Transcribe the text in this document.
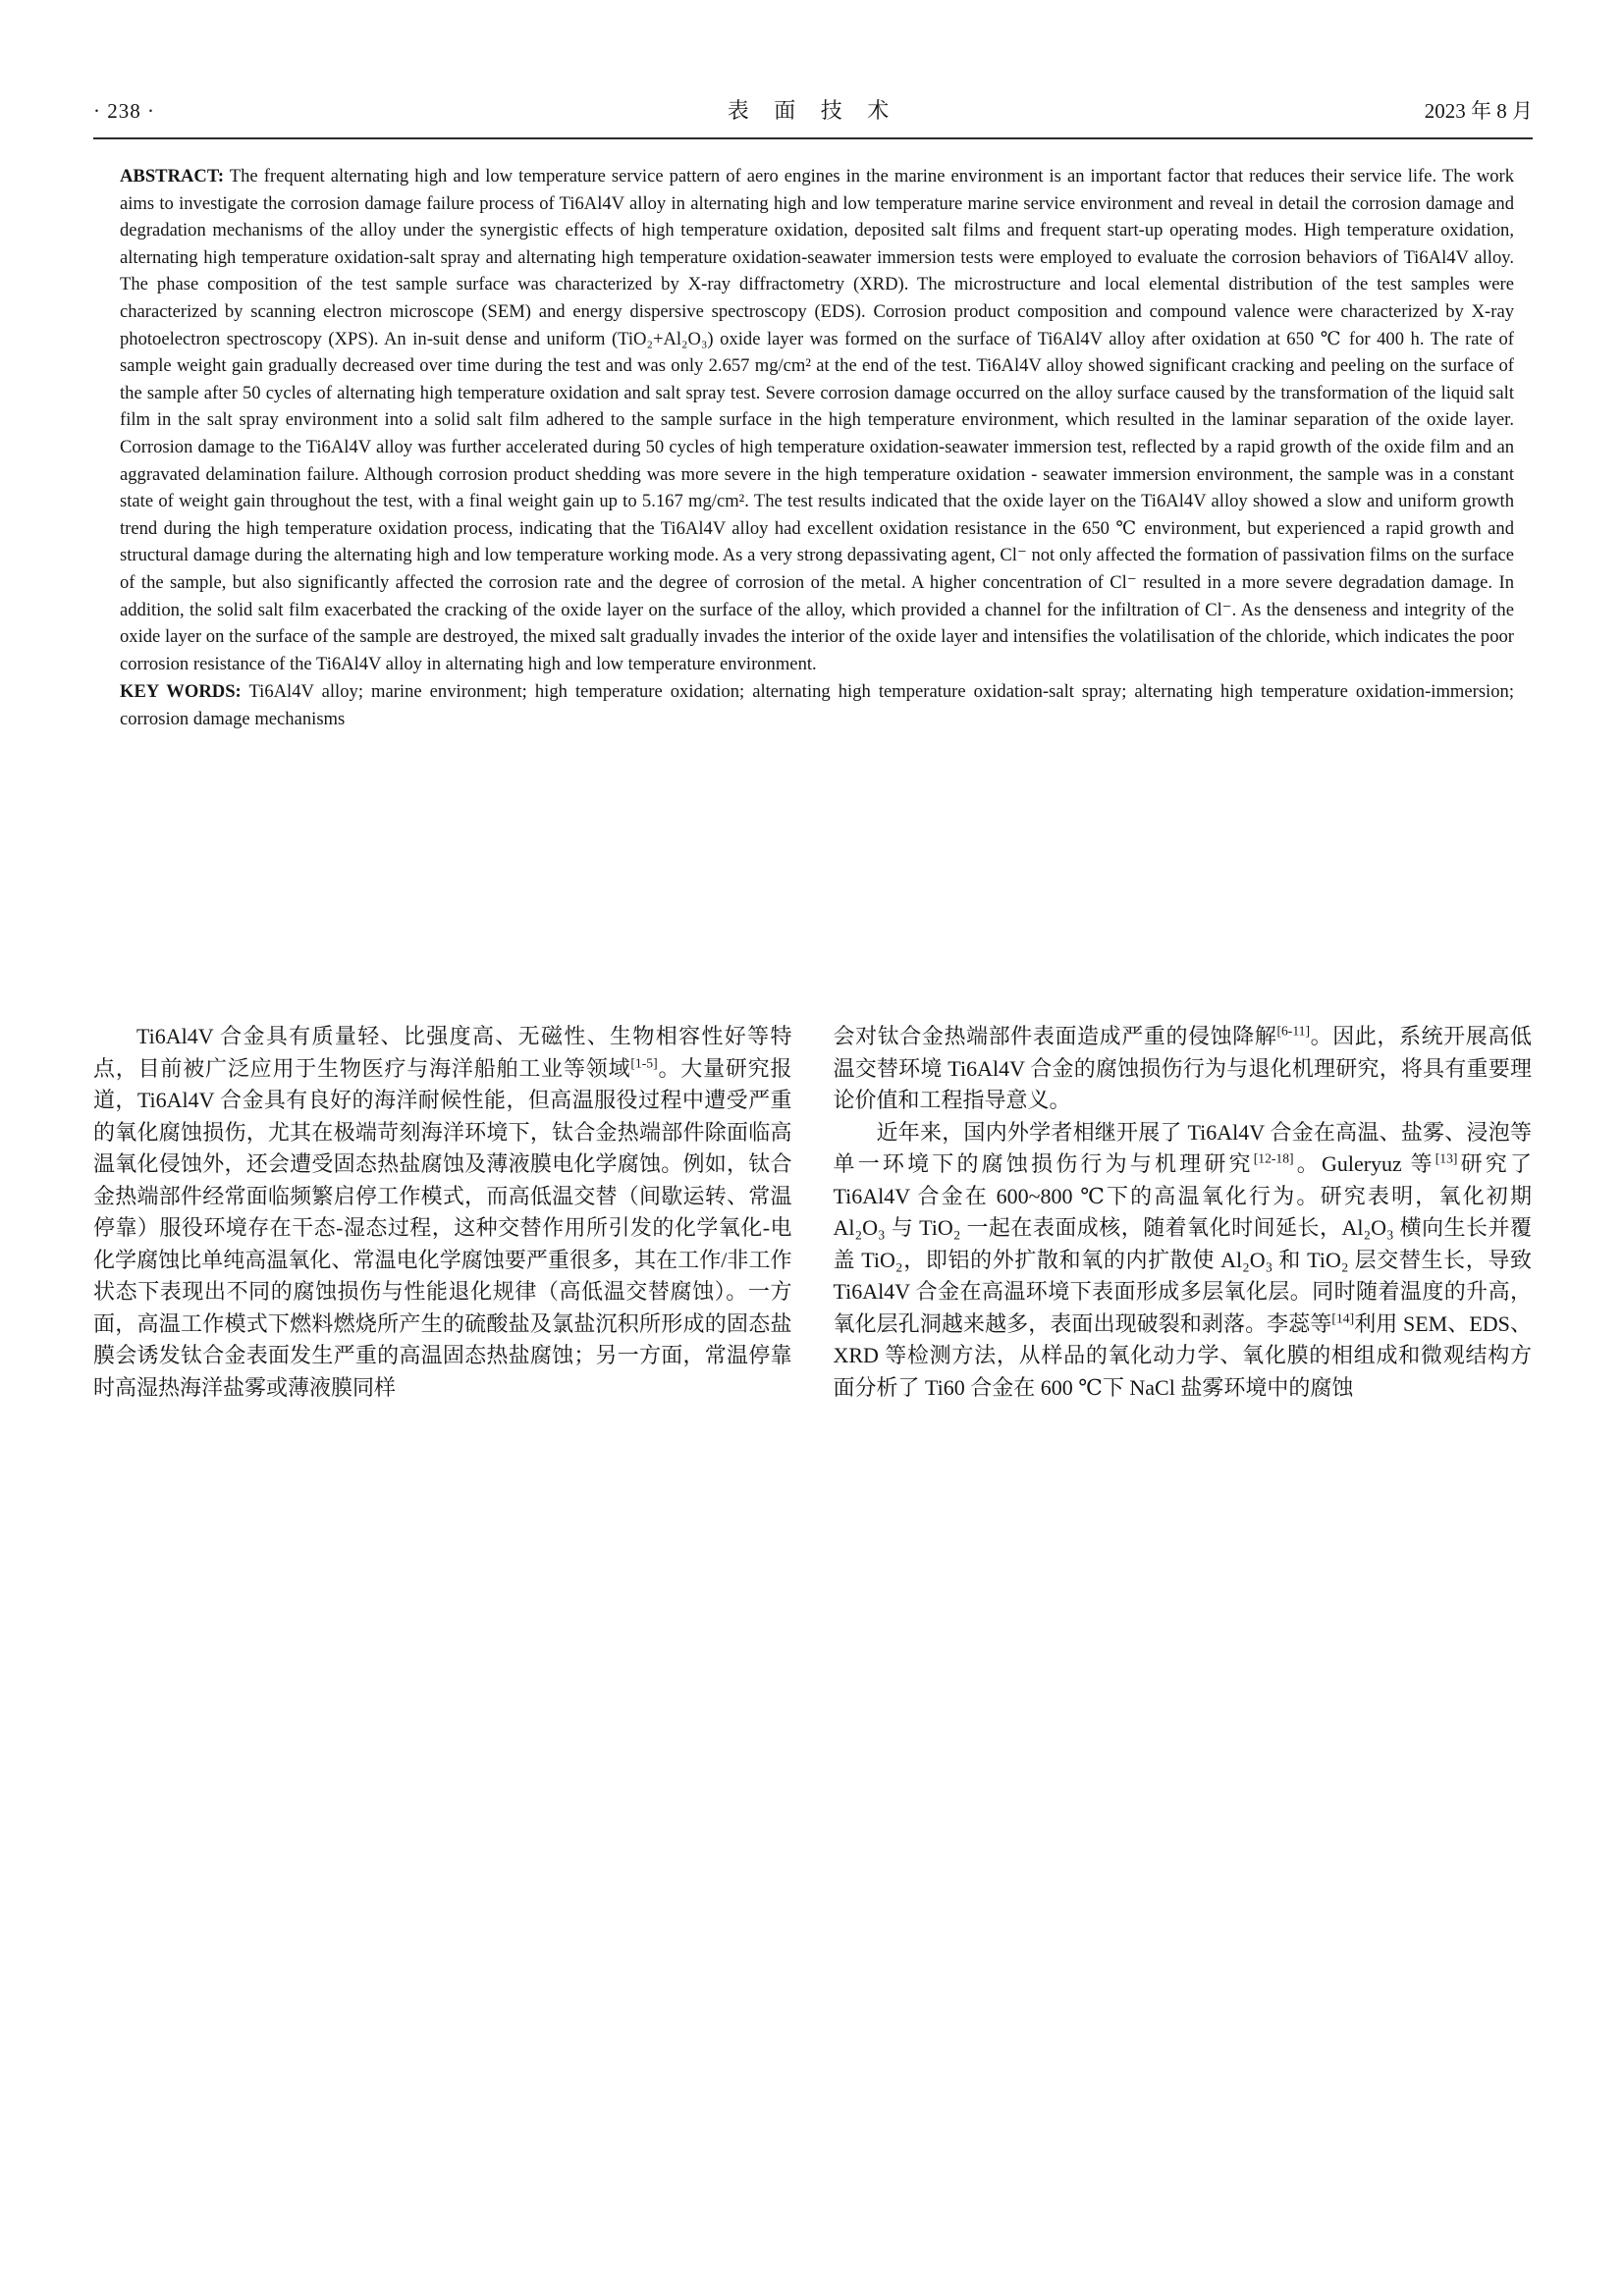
· 238 ·	表 面 技 术	2023 年 8 月

ABSTRACT: The frequent alternating high and low temperature service pattern of aero engines in the marine environment is an important factor that reduces their service life. The work aims to investigate the corrosion damage failure process of Ti6Al4V alloy in alternating high and low temperature marine service environment and reveal in detail the corrosion damage and degradation mechanisms of the alloy under the synergistic effects of high temperature oxidation, deposited salt films and frequent start-up operating modes. High temperature oxidation, alternating high temperature oxidation-salt spray and alternating high temperature oxidation-seawater immersion tests were employed to evaluate the corrosion behaviors of Ti6Al4V alloy. The phase composition of the test sample surface was characterized by X-ray diffractometry (XRD). The microstructure and local elemental distribution of the test samples were characterized by scanning electron microscope (SEM) and energy dispersive spectroscopy (EDS). Corrosion product composition and compound valence were characterized by X-ray photoelectron spectroscopy (XPS). An in-suit dense and uniform (TiO₂+Al₂O₃) oxide layer was formed on the surface of Ti6Al4V alloy after oxidation at 650 ℃ for 400 h. The rate of sample weight gain gradually decreased over time during the test and was only 2.657 mg/cm² at the end of the test. Ti6Al4V alloy showed significant cracking and peeling on the surface of the sample after 50 cycles of alternating high temperature oxidation and salt spray test. Severe corrosion damage occurred on the alloy surface caused by the transformation of the liquid salt film in the salt spray environment into a solid salt film adhered to the sample surface in the high temperature environment, which resulted in the laminar separation of the oxide layer. Corrosion damage to the Ti6Al4V alloy was further accelerated during 50 cycles of high temperature oxidation-seawater immersion test, reflected by a rapid growth of the oxide film and an aggravated delamination failure. Although corrosion product shedding was more severe in the high temperature oxidation - seawater immersion environment, the sample was in a constant state of weight gain throughout the test, with a final weight gain up to 5.167 mg/cm². The test results indicated that the oxide layer on the Ti6Al4V alloy showed a slow and uniform growth trend during the high temperature oxidation process, indicating that the Ti6Al4V alloy had excellent oxidation resistance in the 650 ℃ environment, but experienced a rapid growth and structural damage during the alternating high and low temperature working mode. As a very strong depassivating agent, Cl⁻ not only affected the formation of passivation films on the surface of the sample, but also significantly affected the corrosion rate and the degree of corrosion of the metal. A higher concentration of Cl⁻ resulted in a more severe degradation damage. In addition, the solid salt film exacerbated the cracking of the oxide layer on the surface of the alloy, which provided a channel for the infiltration of Cl⁻. As the denseness and integrity of the oxide layer on the surface of the sample are destroyed, the mixed salt gradually invades the interior of the oxide layer and intensifies the volatilisation of the chloride, which indicates the poor corrosion resistance of the Ti6Al4V alloy in alternating high and low temperature environment.

KEY WORDS: Ti6Al4V alloy; marine environment; high temperature oxidation; alternating high temperature oxidation-salt spray; alternating high temperature oxidation-immersion; corrosion damage mechanisms

Ti6Al4V 合金具有质量轻、比强度高、无磁性、生物相容性好等特点，目前被广泛应用于生物医疗与海洋船舶工业等领域[1-5]。大量研究报道，Ti6Al4V 合金具有良好的海洋耐候性能，但高温服役过程中遭受严重的氧化腐蚀损伤，尤其在极端苛刻海洋环境下，钛合金热端部件除面临高温氧化侵蚀外，还会遭受固态热盐腐蚀及薄液膜电化学腐蚀。例如，钛合金热端部件经常面临频繁启停工作模式，而高低温交替（间歇运转、常温停靠）服役环境存在干态-湿态过程，这种交替作用所引发的化学氧化-电化学腐蚀比单纯高温氧化、常温电化学腐蚀要严重很多，其在工作/非工作状态下表现出不同的腐蚀损伤与性能退化规律（高低温交替腐蚀）。一方面，高温工作模式下燃料燃烧所产生的硫酸盐及氯盐沉积所形成的固态盐膜会诱发钛合金表面发生严重的高温固态热盐腐蚀；另一方面，常温停靠时高湿热海洋盐雾或薄液膜同样

会对钛合金热端部件表面造成严重的侵蚀降解[6-11]。因此，系统开展高低温交替环境 Ti6Al4V 合金的腐蚀损伤行为与退化机理研究，将具有重要理论价值和工程指导意义。

近年来，国内外学者相继开展了 Ti6Al4V 合金在高温、盐雾、浸泡等单一环境下的腐蚀损伤行为与机理研究[12-18]。Guleryuz 等[13]研究了 Ti6Al4V 合金在 600~800 ℃下的高温氧化行为。研究表明，氧化初期 Al₂O₃ 与 TiO₂ 一起在表面成核，随着氧化时间延长，Al₂O₃ 横向生长并覆盖 TiO₂，即铝的外扩散和氧的内扩散使 Al₂O₃ 和 TiO₂ 层交替生长，导致 Ti6Al4V 合金在高温环境下表面形成多层氧化层。同时随着温度的升高，氧化层孔洞越来越多，表面出现破裂和剥落。李蕊等[14]利用 SEM、EDS、XRD 等检测方法，从样品的氧化动力学、氧化膜的相组成和微观结构方面分析了 Ti60 合金在 600 ℃下 NaCl 盐雾环境中的腐蚀
